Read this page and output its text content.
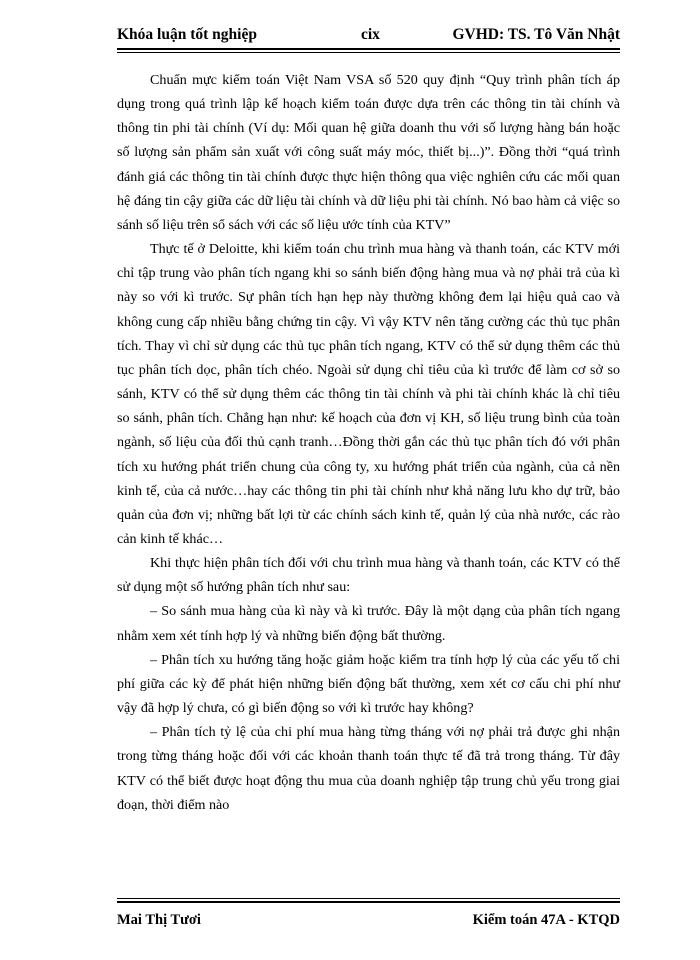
Khóa luận tốt nghiệp	cix	GVHD: TS. Tô Văn Nhật

Chuẩn mực kiểm toán Việt Nam VSA số 520 quy định “Quy trình phân tích áp dụng trong quá trình lập kế hoạch kiểm toán được dựa trên các thông tin tài chính và thông tin phi tài chính (Ví dụ: Mối quan hệ giữa doanh thu với số lượng hàng bán hoặc số lượng sản phẩm sản xuất với công suất máy móc, thiết bị...)”. Đồng thời “quá trình đánh giá các thông tin tài chính được thực hiện thông qua việc nghiên cứu các mối quan hệ đáng tin cậy giữa các dữ liệu tài chính và dữ liệu phi tài chính. Nó bao hàm cả việc so sánh số liệu trên sổ sách với các số liệu ước tính của KTV”

Thực tế ở Deloitte, khi kiểm toán chu trình mua hàng và thanh toán, các KTV mới chỉ tập trung vào phân tích ngang khi so sánh biến động hàng mua và nợ phải trả của kì này so với kì trước. Sự phân tích hạn hẹp này thường không đem lại hiệu quả cao và không cung cấp nhiều bằng chứng tin cậy. Vì vậy KTV nên tăng cường các thủ tục phân tích. Thay vì chỉ sử dụng các thủ tục phân tích ngang, KTV có thể sử dụng thêm các thủ tục phân tích dọc, phân tích chéo. Ngoài sử dụng chỉ tiêu của kì trước để làm cơ sở so sánh, KTV có thể sử dụng thêm các thông tin tài chính và phi tài chính khác là chỉ tiêu so sánh, phân tích. Chẳng hạn như: kế hoạch của đơn vị KH, số liệu trung bình của toàn ngành, số liệu của đối thủ cạnh tranh…Đồng thời gắn các thủ tục phân tích đó với phân tích xu hướng phát triển chung của công ty, xu hướng phát triển của ngành, của cả nền kinh tế, của cả nước…hay các thông tin phi tài chính như khả năng lưu kho dự trữ, bảo quản của đơn vị; những bất lợi từ các chính sách kinh tế, quản lý của nhà nước, các rào cản kinh tế khác…

Khi thực hiện phân tích đối với chu trình mua hàng và thanh toán, các KTV có thể sử dụng một số hướng phân tích như sau:

– So sánh mua hàng của kì này và kì trước. Đây là một dạng của phân tích ngang nhằm xem xét tính hợp lý và những biến động bất thường.

– Phân tích xu hướng tăng hoặc giảm hoặc kiểm tra tính hợp lý của các yếu tố chi phí giữa các kỳ để phát hiện những biến động bất thường, xem xét cơ cấu chi phí như vậy đã hợp lý chưa, có gì biến động so với kì trước hay không?

– Phân tích tỷ lệ của chi phí mua hàng từng tháng với nợ phải trả được ghi nhận trong từng tháng hoặc đối với các khoản thanh toán thực tế đã trả trong tháng. Từ đây KTV có thể biết được hoạt động thu mua của doanh nghiệp tập trung chủ yếu trong giai đoạn, thời điểm nào

Mai Thị Tươi	Kiểm toán 47A - KTQD
